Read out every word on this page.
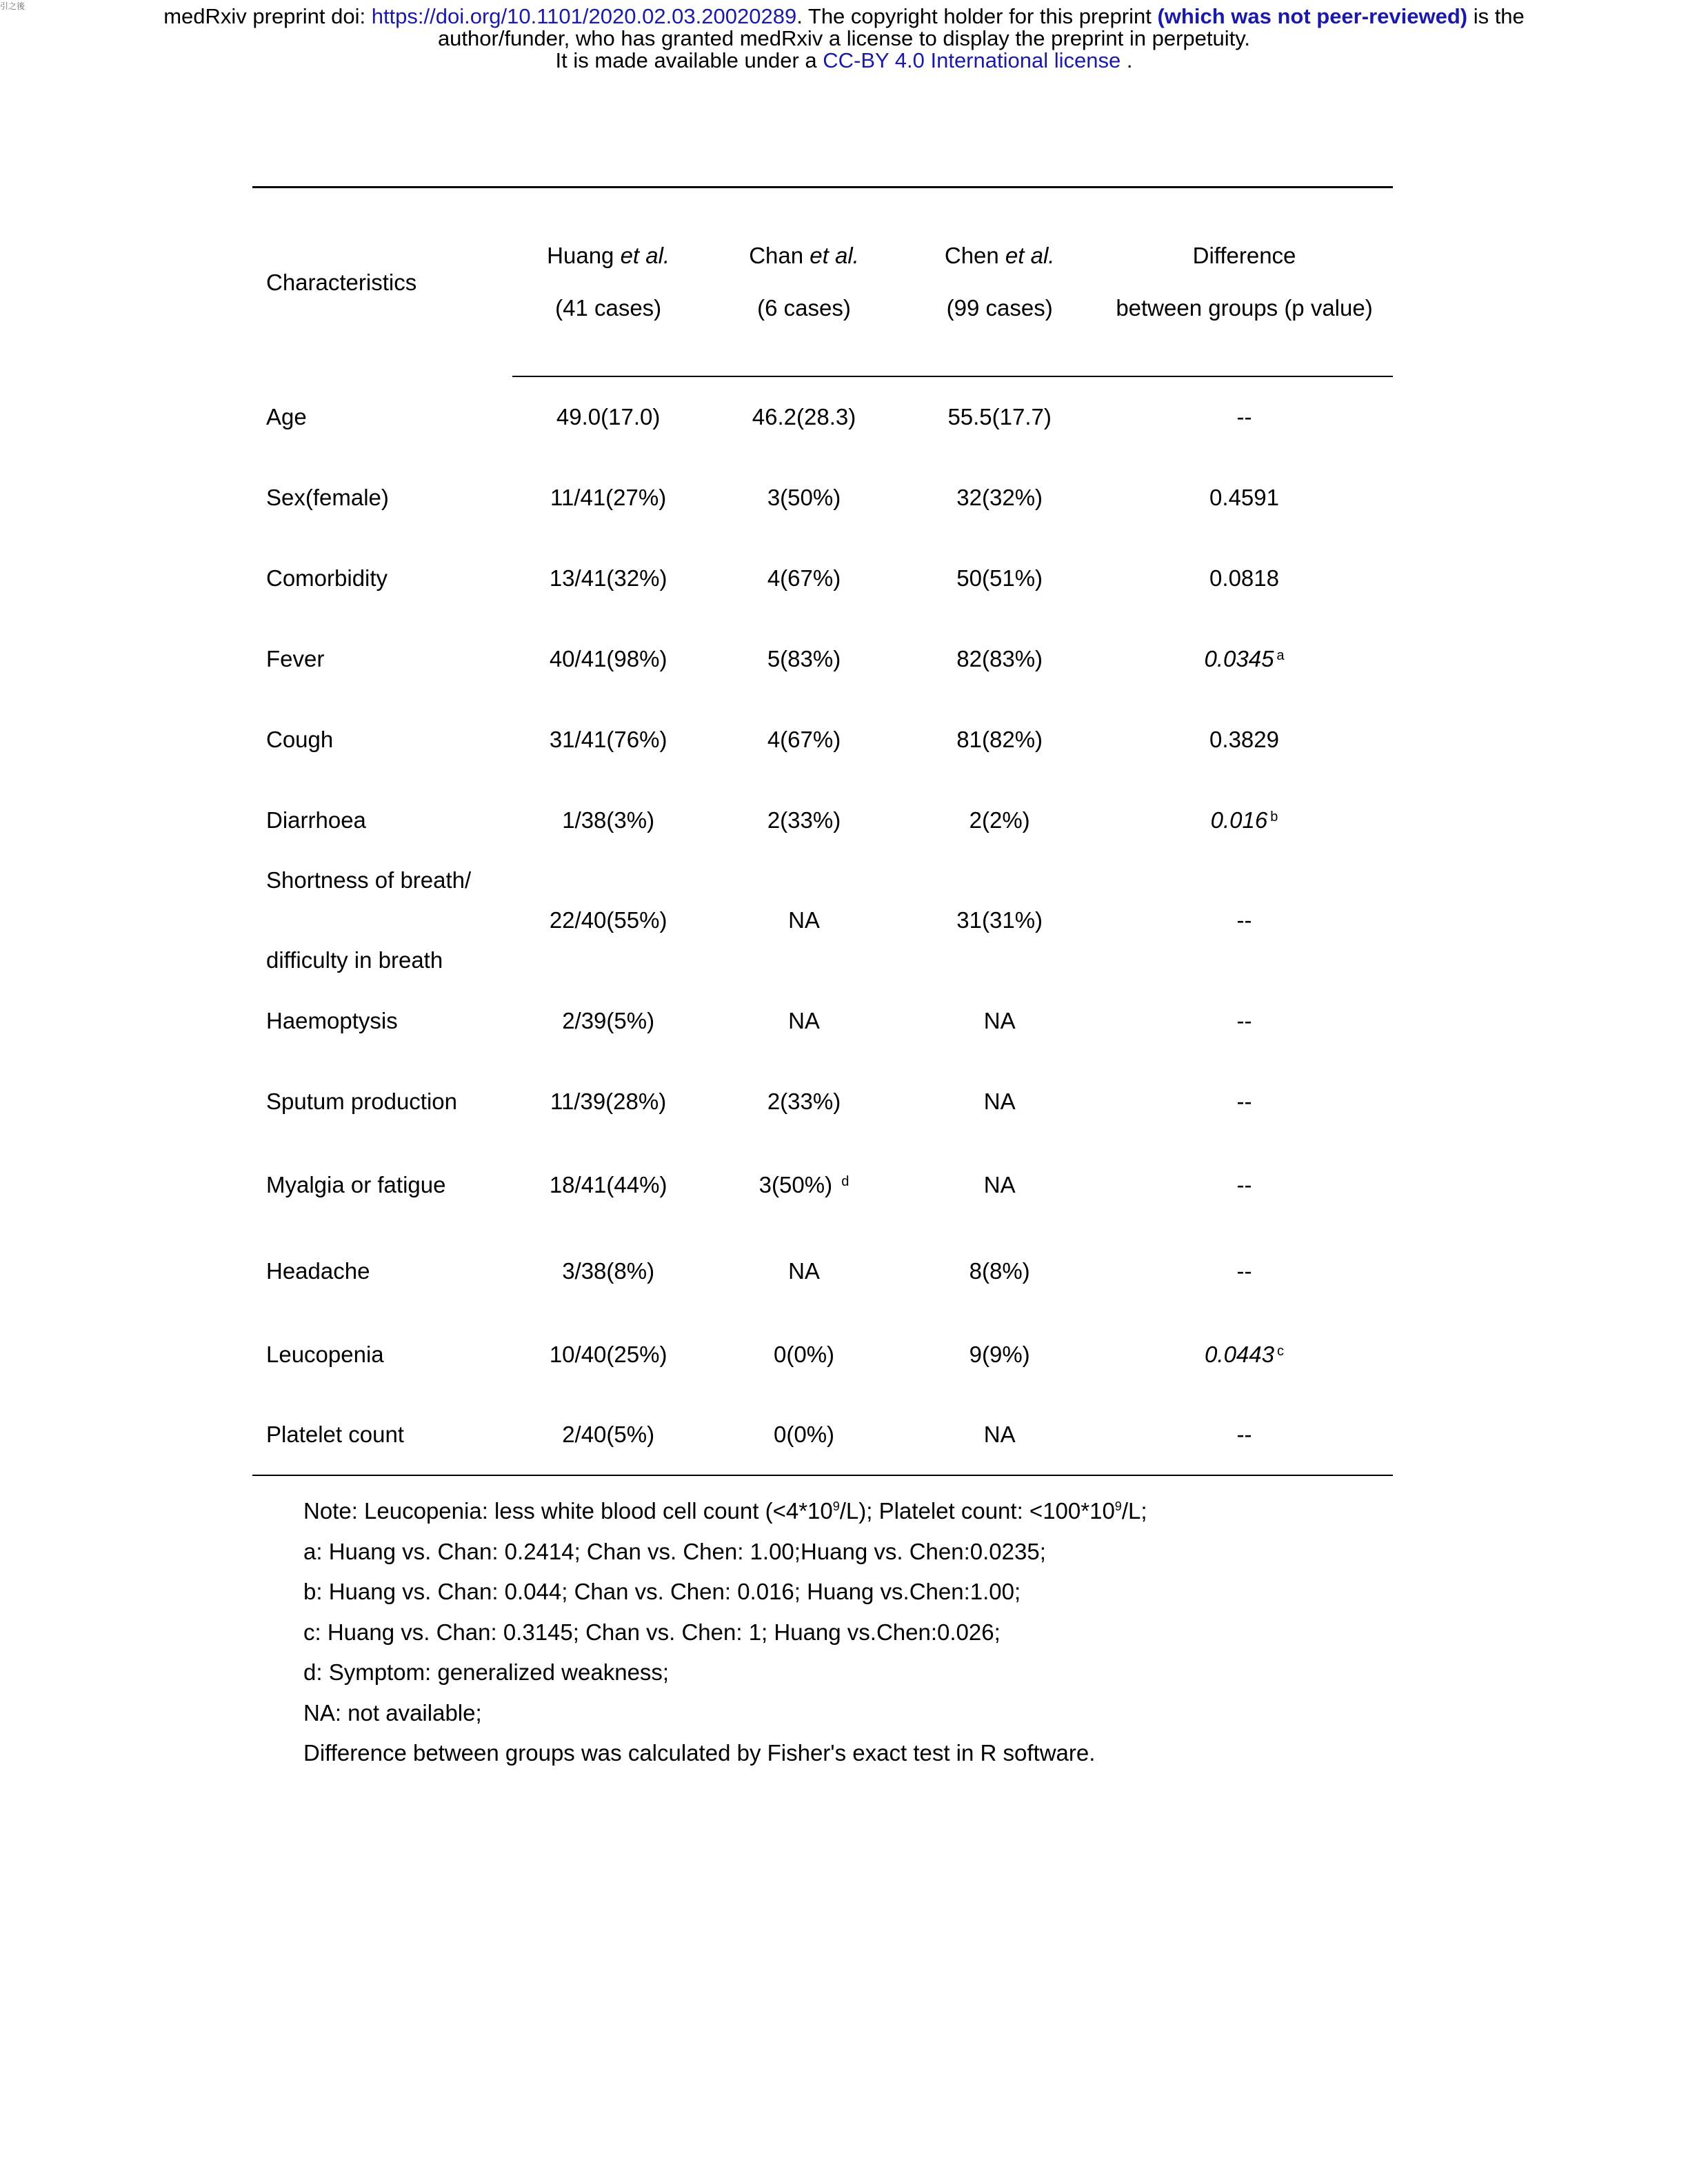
引之後	medRxiv preprint doi: https://doi.org/10.1101/2020.02.03.20020289. The copyright holder for this preprint (which was not peer-reviewed) is the
author/funder, who has granted medRxiv a license to display the preprint in perpetuity.
It is made available under a CC-BY 4.0 International license .
Characteristics	Huang et al.	Chan et al.	Chen et al.	Difference
	(41 cases)	(6 cases)	(99 cases)	between groups (p value)
Age	49.0(17.0)	46.2(28.3)	55.5(17.7)	--
Sex(female)	11/41(27%)	3(50%)	32(32%)	0.4591
Comorbidity	13/41(32%)	4(67%)	50(51%)	0.0818
Fever	40/41(98%)	5(83%)	82(83%)	0.0345 $^a$
Cough	31/41(76%)	4(67%)	81(82%)	0.3829
Diarrhoea	1/38(3%)	2(33%)	2(2%)	0.016 $^b$

Shortness of breath/
difficulty in breath	22/40(55%)	NA	31(31%)	--
Haemoptysis	2/39(5%)	NA	NA	--
Sputum production	11/39(28%)	2(33%)	NA	--
Myalgia or fatigue	18/41(44%)	3(50%) $^d$	NA	--
Headache	3/38(8%)	NA	8(8%)	--
Leucopenia	10/40(25%)	0(0%)	9(9%)	0.0443 $^c$
Platelet count	2/40(5%)	0(0%)	NA	--
Note: Leucopenia: less white blood cell count $(<4*10^9/L)$; Platelet count: $<100*10^9/L$;
a: Huang vs. Chan: 0.2414; Chan vs. Chen: 1.00;Huang vs. Chen:0.0235;
b: Huang vs. Chan: 0.044; Chan vs. Chen: 0.016; Huang vs.Chen:1.00;
c: Huang vs. Chan: 0.3145; Chan vs. Chen: 1; Huang vs.Chen:0.026;
d: Symptom: generalized weakness;
NA: not available;
Difference between groups was calculated by Fisher's exact test in R software.
